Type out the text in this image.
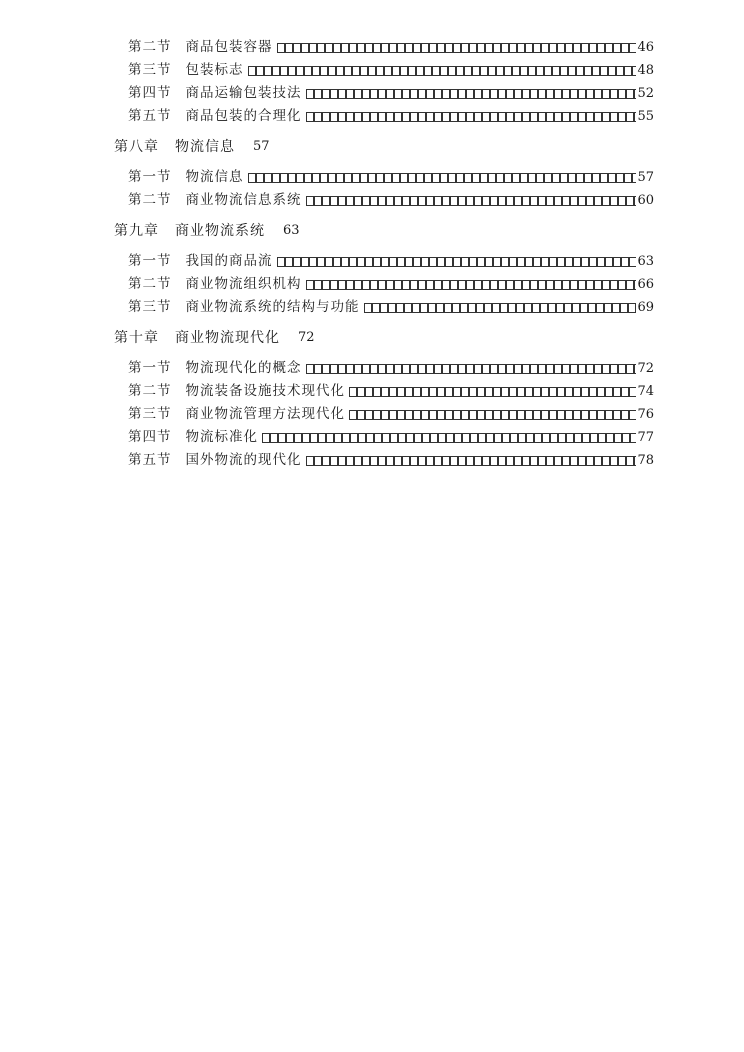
第二节 商品包装容器	46
第三节 包装标志	48
第四节 商品运输包装技法	52
第五节 商品包装的合理化	55
第八章 物流信息 57
第一节 物流信息	57
第二节 商业物流信息系统	60
第九章 商业物流系统 63
第一节 我国的商品流	63
第二节 商业物流组织机构	66
第三节 商业物流系统的结构与功能	69
第十章 商业物流现代化 72
第一节 物流现代化的概念	72
第二节 物流装备设施技术现代化	74
第三节 商业物流管理方法现代化	76
第四节 物流标准化	77
第五节 国外物流的现代化	78
